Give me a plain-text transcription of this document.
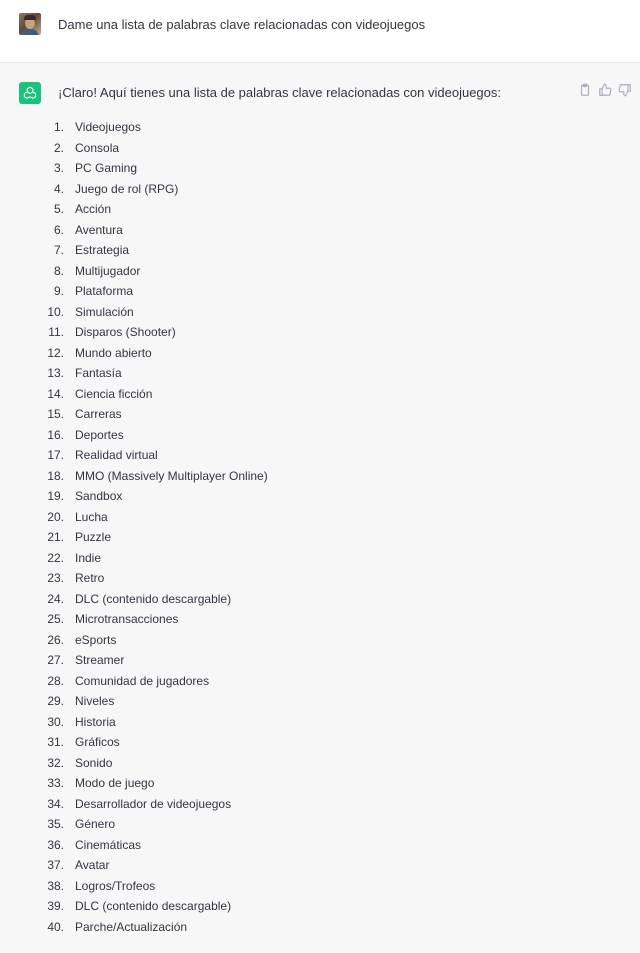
Dame una lista de palabras clave relacionadas con videojuegos
¡Claro! Aquí tienes una lista de palabras clave relacionadas con videojuegos:
1. Videojuegos
2. Consola
3. PC Gaming
4. Juego de rol (RPG)
5. Acción
6. Aventura
7. Estrategia
8. Multijugador
9. Plataforma
10. Simulación
11. Disparos (Shooter)
12. Mundo abierto
13. Fantasía
14. Ciencia ficción
15. Carreras
16. Deportes
17. Realidad virtual
18. MMO (Massively Multiplayer Online)
19. Sandbox
20. Lucha
21. Puzzle
22. Indie
23. Retro
24. DLC (contenido descargable)
25. Microtransacciones
26. eSports
27. Streamer
28. Comunidad de jugadores
29. Niveles
30. Historia
31. Gráficos
32. Sonido
33. Modo de juego
34. Desarrollador de videojuegos
35. Género
36. Cinemáticas
37. Avatar
38. Logros/Trofeos
39. DLC (contenido descargable)
40. Parche/Actualización
